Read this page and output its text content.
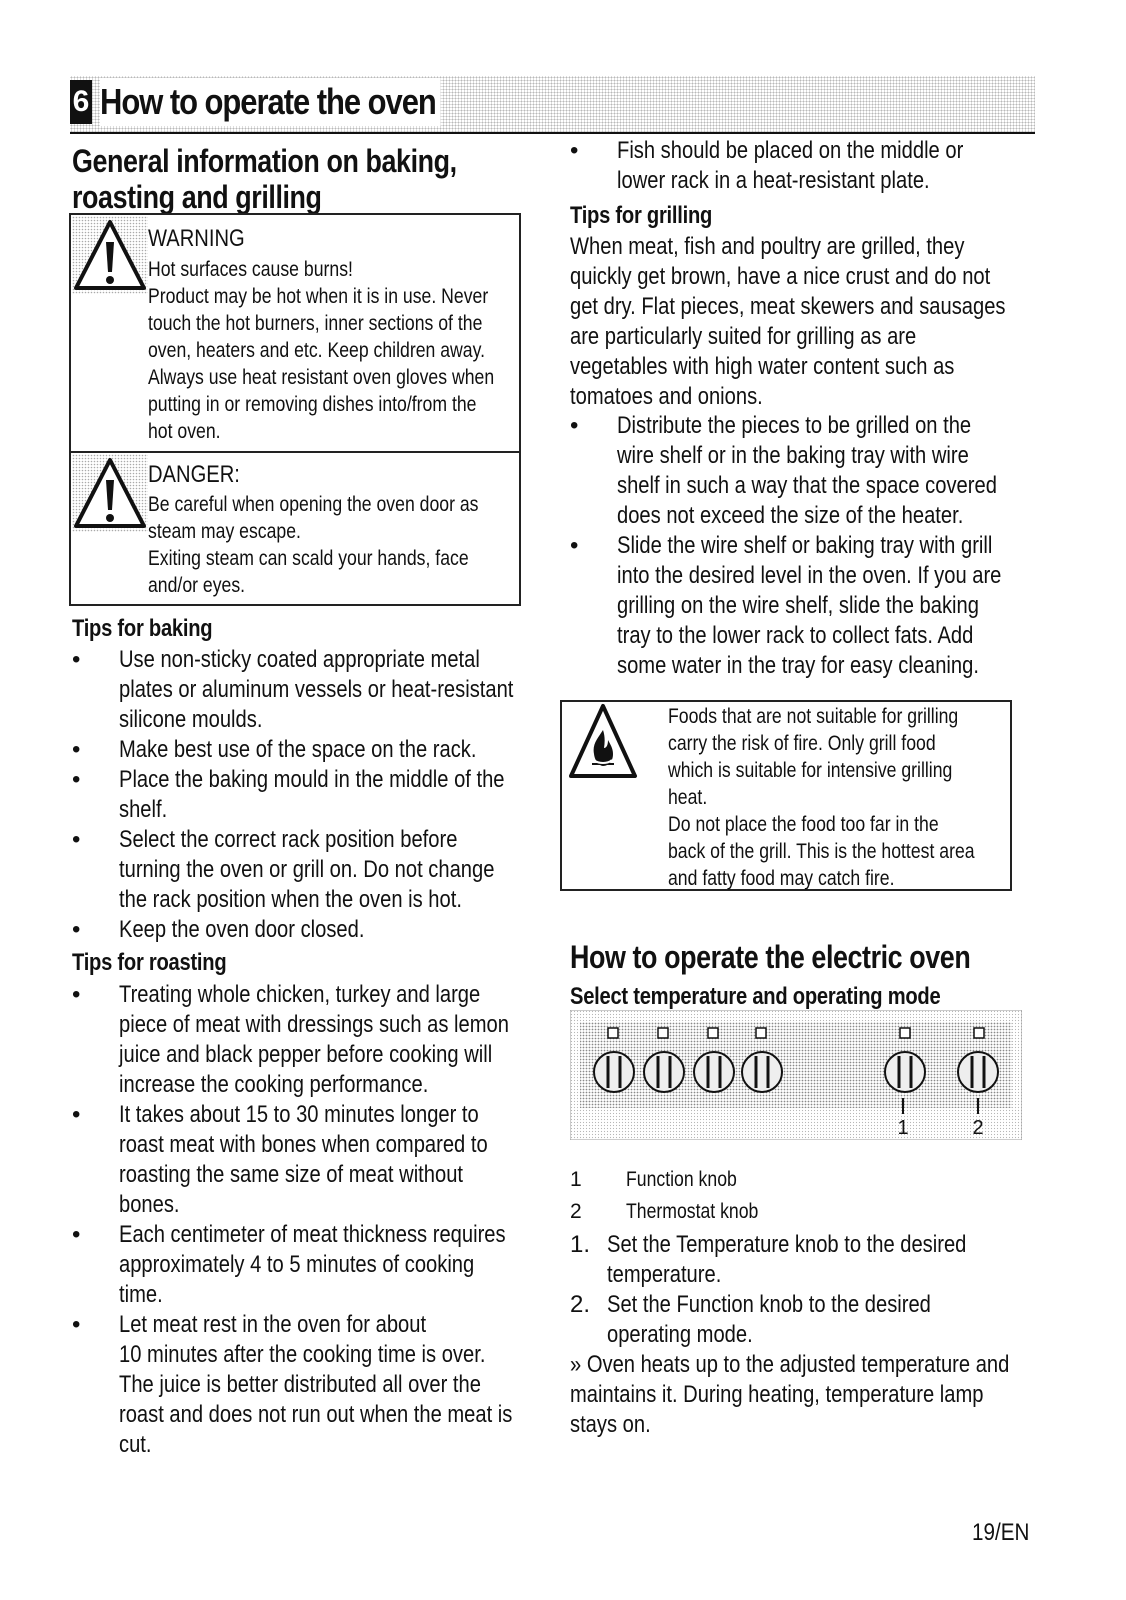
6 How to operate the oven
General information on baking,
roasting and grilling
WARNING
Hot surfaces cause burns!
Product may be hot when it is in use. Never
touch the hot burners, inner sections of the
oven, heaters and etc. Keep children away.
Always use heat resistant oven gloves when
putting in or removing dishes into/from the
hot oven.
DANGER:
Be careful when opening the oven door as
steam may escape.
Exiting steam can scald your hands, face
and/or eyes.
Tips for baking
• Use non-sticky coated appropriate metal
plates or aluminum vessels or heat-resistant
silicone moulds.
• Make best use of the space on the rack.
• Place the baking mould in the middle of the
shelf.
• Select the correct rack position before
turning the oven or grill on. Do not change
the rack position when the oven is hot.
• Keep the oven door closed.
Tips for roasting
• Treating whole chicken, turkey and large
piece of meat with dressings such as lemon
juice and black pepper before cooking will
increase the cooking performance.
• It takes about 15 to 30 minutes longer to
roast meat with bones when compared to
roasting the same size of meat without
bones.
• Each centimeter of meat thickness requires
approximately 4 to 5 minutes of cooking
time.
• Let meat rest in the oven for about
10 minutes after the cooking time is over.
The juice is better distributed all over the
roast and does not run out when the meat is
cut.
• Fish should be placed on the middle or
lower rack in a heat-resistant plate.
Tips for grilling
When meat, fish and poultry are grilled, they
quickly get brown, have a nice crust and do not
get dry. Flat pieces, meat skewers and sausages
are particularly suited for grilling as are
vegetables with high water content such as
tomatoes and onions.
• Distribute the pieces to be grilled on the
wire shelf or in the baking tray with wire
shelf in such a way that the space covered
does not exceed the size of the heater.
• Slide the wire shelf or baking tray with grill
into the desired level in the oven. If you are
grilling on the wire shelf, slide the baking
tray to the lower rack to collect fats. Add
some water in the tray for easy cleaning.
Foods that are not suitable for grilling
carry the risk of fire. Only grill food
which is suitable for intensive grilling
heat.
Do not place the food too far in the
back of the grill. This is the hottest area
and fatty food may catch fire.
How to operate the electric oven
Select temperature and operating mode
1	2
1 Function knob
2 Thermostat knob
1. Set the Temperature knob to the desired
temperature.
2. Set the Function knob to the desired
operating mode.
» Oven heats up to the adjusted temperature and
maintains it. During heating, temperature lamp
stays on.
19/EN
